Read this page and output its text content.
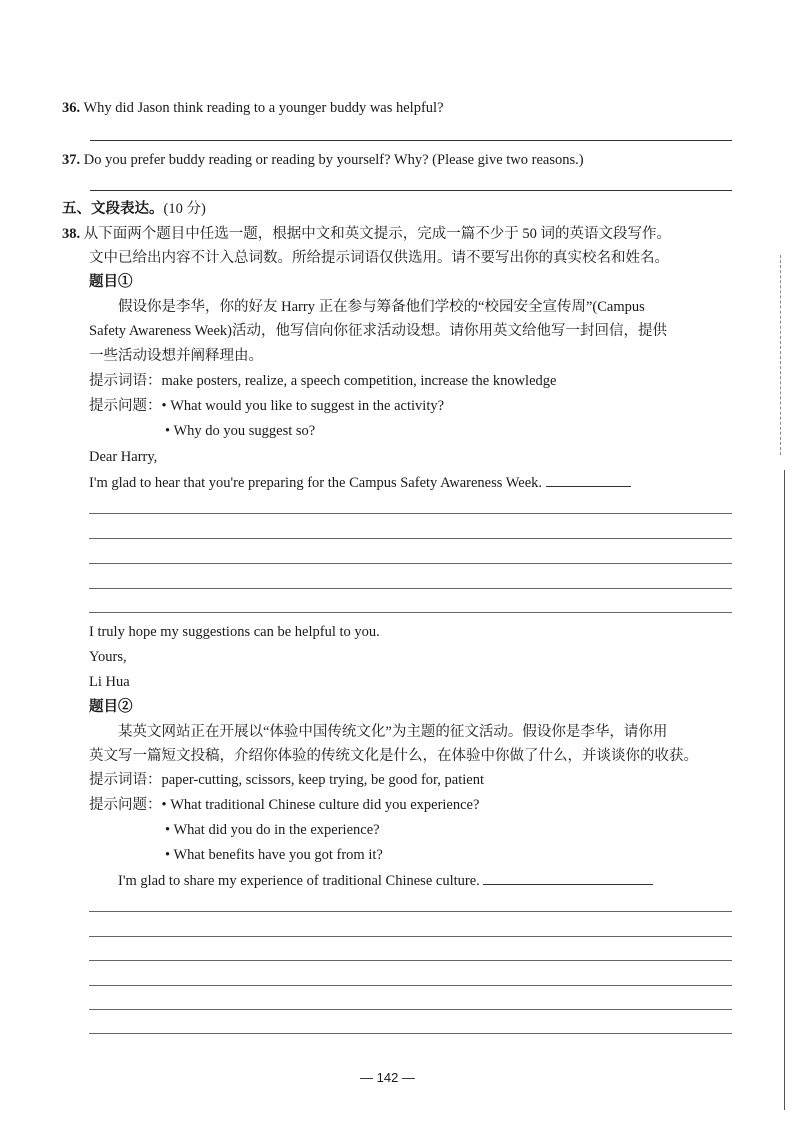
36. Why did Jason think reading to a younger buddy was helpful?
37. Do you prefer buddy reading or reading by yourself? Why? (Please give two reasons.)
五、文段表达。(10 分)
38. 从下面两个题目中任选一题，根据中文和英文提示，完成一篇不少于 50 词的英语文段写作。
文中已给出内容不计入总词数。所给提示词语仅供选用。请不要写出你的真实校名和姓名。
题目①
假设你是李华，你的好友 Harry 正在参与筹备他们学校的“校园安全宣传周”(Campus
Safety Awareness Week)活动，他写信向你征求活动设想。请你用英文给他写一封回信，提供
一些活动设想并阐释理由。
提示词语：make posters, realize, a speech competition, increase the knowledge
提示问题：• What would you like to suggest in the activity?
• Why do you suggest so?
Dear Harry,
I'm glad to hear that you're preparing for the Campus Safety Awareness Week.
I truly hope my suggestions can be helpful to you.
Yours,
Li Hua
题目②
某英文网站正在开展以“体验中国传统文化”为主题的征文活动。假设你是李华，请你用
英文写一篇短文投稿，介绍你体验的传统文化是什么，在体验中你做了什么，并谈谈你的收获。
提示词语：paper-cutting, scissors, keep trying, be good for, patient
提示问题：• What traditional Chinese culture did you experience?
• What did you do in the experience?
• What benefits have you got from it?
I'm glad to share my experience of traditional Chinese culture.
— 142 —
